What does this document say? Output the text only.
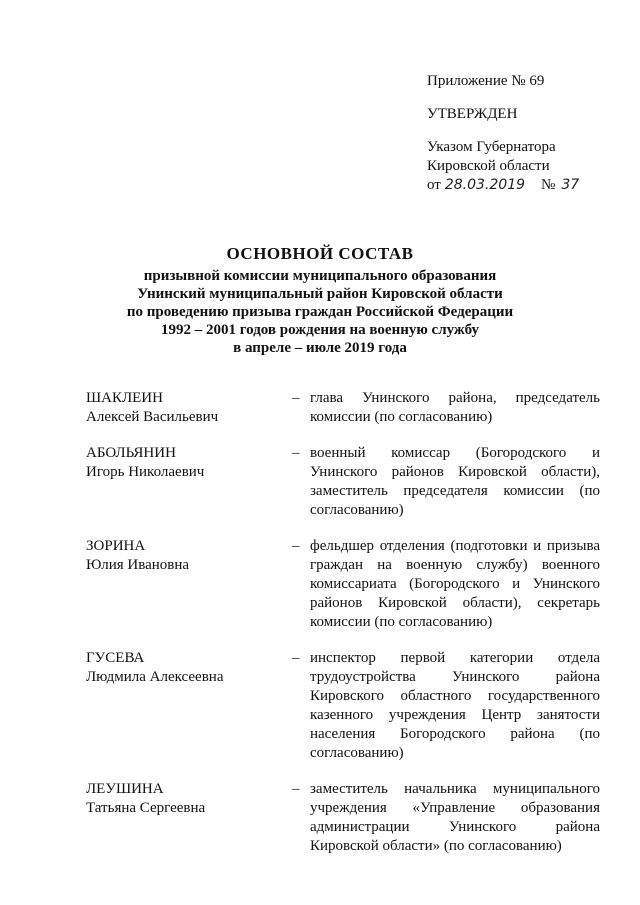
Приложение № 69
УТВЕРЖДЕН
Указом Губернатора
Кировской области
от 28.03.2019 № 37
ОСНОВНОЙ СОСТАВ
призывной комиссии муниципального образования
Унинский муниципальный район Кировской области
по проведению призыва граждан Российской Федерации
1992 – 2001 годов рождения на военную службу
в апреле – июле 2019 года
ШАКЛЕИН
Алексей Васильевич
– глава Унинского района, председатель комиссии (по согласованию)
АБОЛЬЯНИН
Игорь Николаевич
– военный комиссар (Богородского и Унинского районов Кировской области), заместитель председателя комиссии (по согласованию)
ЗОРИНА
Юлия Ивановна
– фельдшер отделения (подготовки и призыва граждан на военную службу) военного комиссариата (Богородского и Унинского районов Кировской области), секретарь комиссии (по согласованию)
ГУСЕВА
Людмила Алексеевна
– инспектор первой категории отдела трудоустройства Унинского района Кировского областного государственного казенного учреждения Центр занятости населения Богородского района (по согласованию)
ЛЕУШИНА
Татьяна Сергеевна
– заместитель начальника муниципального учреждения «Управление образования администрации Унинского района Кировской области» (по согласованию)
